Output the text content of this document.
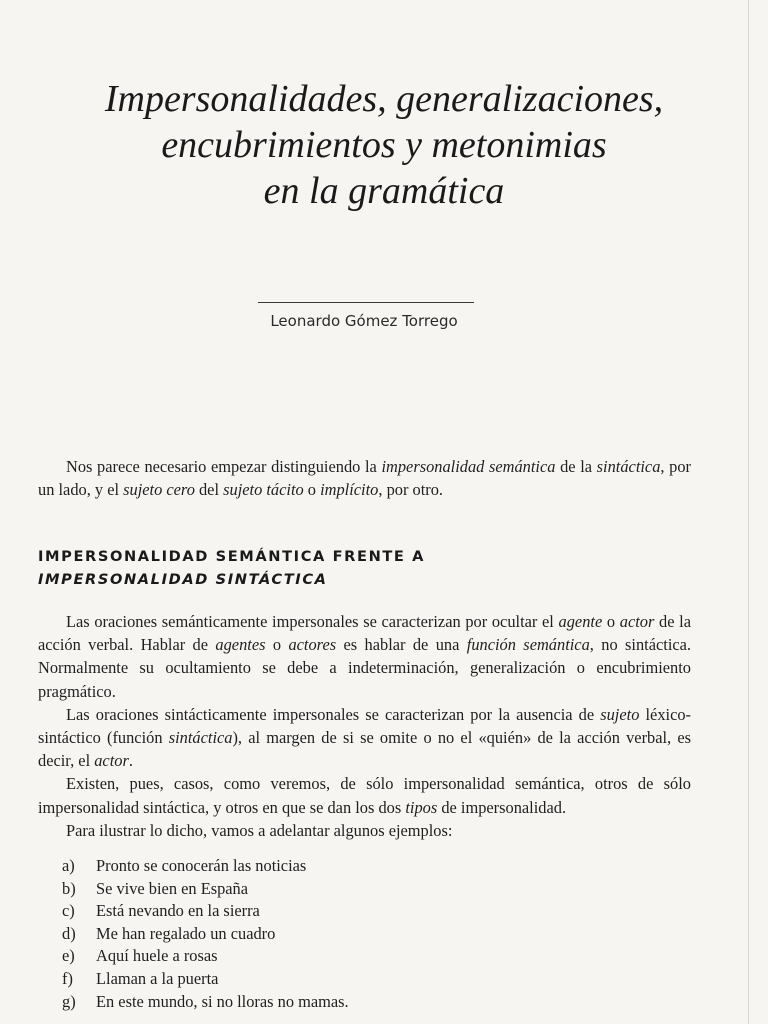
Impersonalidades, generalizaciones,
encubrimientos y metonimias
en la gramática
Leonardo Gómez Torrego

Nos parece necesario empezar distinguiendo la impersonalidad semántica de la sintáctica, por un lado, y el sujeto cero del sujeto tácito o implícito, por otro.

IMPERSONALIDAD SEMÁNTICA FRENTE A
IMPERSONALIDAD SINTÁCTICA

Las oraciones semánticamente impersonales se caracterizan por ocultar el agente o actor de la acción verbal. Hablar de agentes o actores es hablar de una función semántica, no sintáctica. Normalmente su ocultamiento se debe a indeterminación, generalización o encubrimiento pragmático.

Las oraciones sintácticamente impersonales se caracterizan por la ausencia de sujeto léxico-sintáctico (función sintáctica), al margen de si se omite o no el «quién» de la acción verbal, es decir, el actor.

Existen, pues, casos, como veremos, de sólo impersonalidad semántica, otros de sólo impersonalidad sintáctica, y otros en que se dan los dos tipos de impersonalidad.

Para ilustrar lo dicho, vamos a adelantar algunos ejemplos:

a)	Pronto se conocerán las noticias
b)	Se vive bien en España
c)	Está nevando en la sierra
d)	Me han regalado un cuadro
e)	Aquí huele a rosas
f)	Llaman a la puerta
g)	En este mundo, si no lloras no mamas.
